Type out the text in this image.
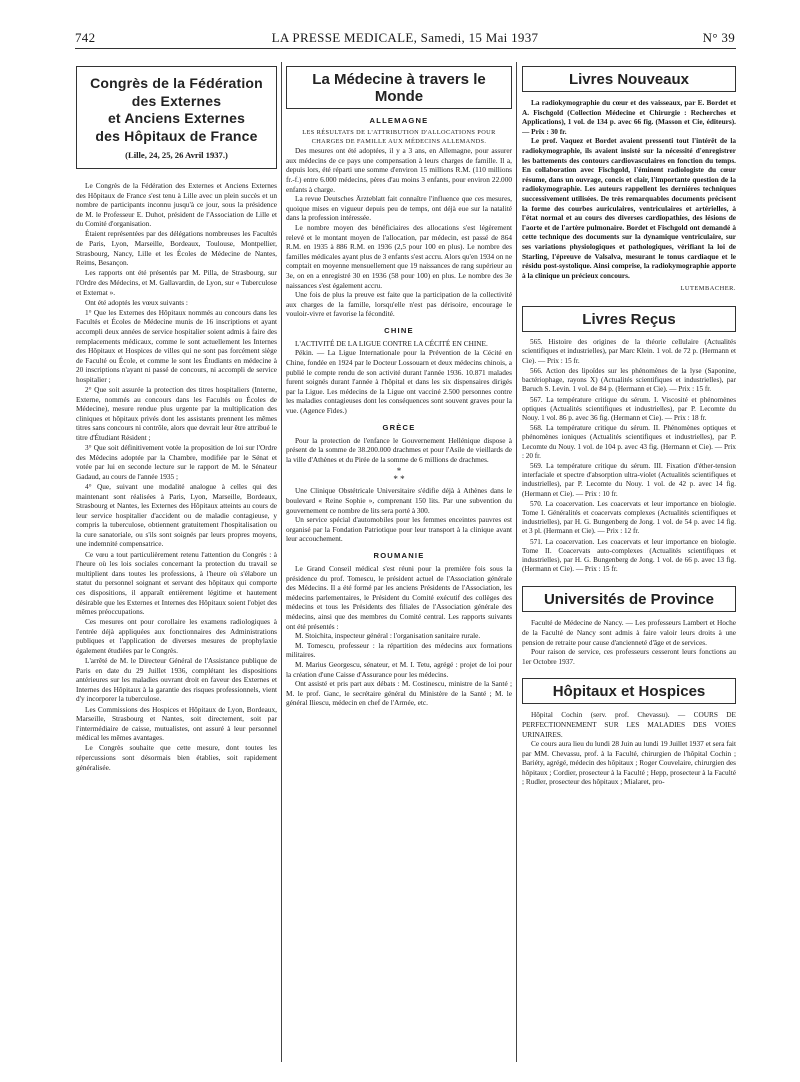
742	LA PRESSE MEDICALE, Samedi, 15 Mai 1937	N° 39
Congrès de la Fédération
des Externes
et Anciens Externes
des Hôpitaux de France
(Lille, 24, 25, 26 Avril 1937.)

Le Congrès de la Fédération des Externes et Anciens Externes des Hôpitaux de France s'est tenu à Lille avec un plein succès et un nombre de participants inconnu jusqu'à ce jour, sous la présidence de M. le Professeur E. Duhot, président de l'Association de Lille et du Comité d'organisation.

Étaient représentées par des délégations nombreuses les Facultés de Paris, Lyon, Marseille, Bordeaux, Toulouse, Montpellier, Strasbourg, Nancy, Lille et les Écoles de Médecine de Nantes, Reims, Besançon.

Les rapports ont été présentés par M. Pilla, de Strasbourg, sur l'Ordre des Médecins, et M. Gallavardin, de Lyon, sur « Tuberculose et Externat ».

Ont été adoptés les vœux suivants :

1° Que les Externes des Hôpitaux nommés au concours dans les Facultés et Écoles de Médecine munis de 16 inscriptions et ayant accompli deux années de service hospitalier soient admis à faire des remplacements médicaux, comme le sont actuellement les Internes des Hôpitaux et Hospices de villes qui ne sont pas forcément siège de Faculté ou École, et comme le sont les Étudiants en médecine à 20 inscriptions n'ayant ni passé de concours, ni accompli de service hospitalier ;

2° Que soit assurée la protection des titres hospitaliers (Interne, Externe, nommés au concours dans les Facultés ou Écoles de Médecine), mesure rendue plus urgente par la multiplication des cliniques et hôpitaux privés dont les assistants prennent les mêmes titres sans concours ni contrôle, alors que devrait leur être attribué le titre d'Étudiant Résident ;

3° Que soit définitivement votée la proposition de loi sur l'Ordre des Médecins adoptée par la Chambre, modifiée par le Sénat et votée par lui en seconde lecture sur le rapport de M. le Sénateur Gadaud, au cours de l'année 1935 ;

4° Que, suivant une modalité analogue à celles qui des maintenant sont réalisées à Paris, Lyon, Marseille, Bordeaux, Strasbourg et Nantes, les Externes des Hôpitaux atteints au cours de leur service hospitalier d'accident ou de maladie contagieuse, y compris la tuberculose, obtiennent gratuitement l'hospitalisation ou la cure sanatoriale, ou s'ils sont soignés par leurs propres moyens, une indemnité compensatrice.

Ce vœu a tout particulièrement retenu l'attention du Congrès : à l'heure où les lois sociales concernant la protection du travail se multiplient dans toutes les professions, à l'heure où s'élabore un statut du personnel soignant et servant des hôpitaux qui comporte ces dispositions, il apparaît entièrement légitime et hautement désirable que les Externes et Internes des Hôpitaux soient l'objet des mêmes préoccupations.

Ces mesures ont pour corollaire les examens radiologiques à l'entrée déjà appliquées aux fonctionnaires des Administrations publiques et l'application de diverses mesures de prophylaxie également étudiées par le Congrès.

L'arrêté de M. le Directeur Général de l'Assistance publique de Paris en date du 29 Juillet 1936, complétant les dispositions antérieures sur les maladies ouvrant droit en faveur des Externes et Internes des Hôpitaux à la garantie des risques professionnels, vient d'y incorporer la tuberculose.

Les Commissions des Hospices et Hôpitaux de Lyon, Bordeaux, Marseille, Strasbourg et Nantes, soit directement, soit par l'intermédiaire de caisse, mutualistes, ont assuré à leur personnel médical les mêmes avantages.

Le Congrès souhaite que cette mesure, dont toutes les répercussions sont désormais bien établies, soit rapidement généralisée.

La Médecine à travers le Monde
ALLEMAGNE

LES RÉSULTATS DE L'ATTRIBUTION D'ALLOCATIONS POUR CHARGES DE FAMILLE AUX MÉDECINS ALLEMANDS.

Des mesures ont été adoptées, il y a 3 ans, en Allemagne, pour assurer aux médecins de ce pays une compensation à leurs charges de famille. Il a, depuis lors, été réparti une somme d'environ 15 millions R.M. (110 millions fr.-f.) entre 6.000 médecins, pères d'au moins 3 enfants, pour environ 22.000 enfants à charge.

La revue Deutsches Ärzteblatt fait connaître l'influence que ces mesures, quoique mises en vigueur depuis peu de temps, ont déjà eue sur la natalité dans la profession intéressée.

Le nombre moyen des bénéficiaires des allocations s'est légèrement relevé et le montant moyen de l'allocation, par médecin, est passé de 864 R.M. en 1935 à 886 R.M. en 1936 (2,5 pour 100 en plus). Le nombre des familles médicales ayant plus de 3 enfants s'est accru. Alors qu'en 1934 on ne comptait en moyenne mensuellement que 19 naissances de rang supérieur au 3e, on en a enregistré 30 en 1936 (58 pour 100) en plus. Le nombre des 3e naissances s'est également accru.

Une fois de plus la preuve est faite que la participation de la collectivité aux charges de la famille, lorsqu'elle n'est pas dérisoire, encourage le vouloir-vivre et favorise la fécondité.

CHINE

L'ACTIVITÉ DE LA LIGUE CONTRE LA CÉCITÉ EN CHINE.

Pékin. — La Ligue Internationale pour la Prévention de la Cécité en Chine, fondée en 1924 par le Docteur Lossouarn et deux médecins chinois, a publié le compte rendu de son activité durant l'année 1936. 10.871 malades furent soignés durant l'année à l'hôpital et dans les six dispensaires dirigés par la Ligue. Les médecins de la Ligue ont vacciné 2.500 personnes contre les maladies contagieuses dont les conséquences sont souvent graves pour la vue. (Agence Fides.)

GRÈCE

Pour la protection de l'enfance le Gouvernement Hellénique dispose à présent de la somme de 38.200.000 drachmes et pour l'Asile de vieillards de la ville d'Athènes et du Pirée de la somme de 6 millions de drachmes.

*
* *

Une Clinique Obstétricale Universitaire s'édifie déjà à Athènes dans le boulevard « Reine Sophie », comprenant 150 lits. Par une subvention du gouvernement ce nombre de lits sera porté à 300.

Un service spécial d'automobiles pour les femmes enceintes pauvres est organisé par la Fondation Patriotique pour leur transport à la clinique avant leur accouchement.

ROUMANIE

Le Grand Conseil médical s'est réuni pour la première fois sous la présidence du prof. Tomescu, le président actuel de l'Association générale des Médecins. Il a été formé par les anciens Présidents de l'Association, les médecins parlementaires, le Président du Comité exécutif des collèges des médecins et tous les Présidents des filiales de l'Association générale des médecins, ainsi que des membres du Comité central. Les rapports suivants ont été présentés :

M. Stoichita, inspecteur général : l'organisation sanitaire rurale.

M. Tomescu, professeur : la répartition des médecins aux formations militaires.

M. Marius Georgescu, sénateur, et M. I. Tetu, agrégé : projet de loi pour la création d'une Caisse d'Assurance pour les médecins.

Ont assisté et pris part aux débats : M. Costinescu, ministre de la Santé ; M. le prof. Ganc, le secrétaire général du Ministère de la Santé ; M. le général Iliescu, médecin en chef de l'Armée, etc.

Livres Nouveaux

La radiokymographie du cœur et des vaisseaux, par E. Bordet et A. Fischgold (Collection Médecine et Chirurgie : Recherches et Applications), 1 vol. de 134 p. avec 66 fig. (Masson et Cie, éditeurs). — Prix : 30 fr.

Le prof. Vaquez et Bordet avaient pressenti tout l'intérêt de la radiokymographie, ils avaient insisté sur la nécessité d'enregistrer les battements des contours cardiovasculaires en fonction du temps. En collaboration avec Fischgold, l'éminent radiologiste du cœur résume, dans un ouvrage, concis et clair, l'importante question de la radiokymographie. Les auteurs rappellent les dernières techniques successivement utilisées. De très remarquables documents précisent la forme des courbes auriculaires, ventriculaires et artérielles, à l'état normal et au cours des diverses cardiopathies, des lésions de l'aorte et de l'artère pulmonaire. Bordet et Fischgold ont demandé à cette technique des documents sur la dynamique ventriculaire, sur ses variations physiologiques et pathologiques, vérifiant la loi de Starling, l'épreuve de Valsalva, mesurant le tonus cardiaque et le résidu post-systolique. Ainsi comprise, la radiokymographie apporte à la clinique un précieux concours.

LUTEMBACHER.
Livres Reçus

565. Histoire des origines de la théorie cellulaire (Actualités scientifiques et industrielles), par Marc Klein. 1 vol. de 72 p. (Hermann et Cie). — Prix : 15 fr.

566. Action des lipoïdes sur les phénomènes de la lyse (Saponine, bactériophage, rayons X) (Actualités scientifiques et industrielles), par Baruch S. Levin. 1 vol. de 84 p. (Hermann et Cie). — Prix : 15 fr.

567. La température critique du sérum. I. Viscosité et phénomènes optiques (Actualités scientifiques et industrielles), par P. Lecomte du Nouy. 1 vol. 86 p. avec 36 fig. (Hermann et Cie). — Prix : 18 fr.

568. La température critique du sérum. II. Phénomènes optiques et phénomènes ioniques (Actualités scientifiques et industrielles), par P. Lecomte du Nouy. 1 vol. de 104 p. avec 43 fig. (Hermann et Cie). — Prix : 20 fr.

569. La température critique du sérum. III. Fixation d'éther-tension interfaciale et spectre d'absorption ultra-violet (Actualités scientifiques et industrielles), par P. Lecomte du Nouy. 1 vol. de 42 p. avec 14 fig. (Hermann et Cie). — Prix : 10 fr.

570. La coacervation. Les coacervats et leur importance en biologie. Tome I. Généralités et coacervats complexes (Actualités scientifiques et industrielles), par H. G. Bungenberg de Jong. 1 vol. de 54 p. avec 14 fig. et 3 pl. (Hermann et Cie). — Prix : 12 fr.

571. La coacervation. Les coacervats et leur importance en biologie. Tome II. Coacervats auto-complexes (Actualités scientifiques et industrielles), par H. G. Bungenberg de Jong. 1 vol. de 66 p. avec 13 fig. (Hermann et Cie). — Prix : 15 fr.

Universités de Province

Faculté de Médecine de Nancy. — Les professeurs Lambert et Hoche de la Faculté de Nancy sont admis à faire valoir leurs droits à une pension de retraite pour cause d'ancienneté d'âge et de services.

Pour raison de service, ces professeurs cesseront leurs fonctions au 1er Octobre 1937.

Hôpitaux et Hospices

Hôpital Cochin (serv. prof. Chevassu). — COURS DE PERFECTIONNEMENT SUR LES MALADIES DES VOIES URINAIRES.

Ce cours aura lieu du lundi 28 Juin au lundi 19 Juillet 1937 et sera fait par MM. Chevassu, prof. à la Faculté, chirurgien de l'hôpital Cochin ; Bariéty, agrégé, médecin des hôpitaux ; Roger Couvelaire, chirurgien des hôpitaux ; Cordier, prosecteur à la Faculté ; Hepp, prosecteur à la Faculté ; Rudler, prosecteur des hôpitaux ; Mialaret, pro-
